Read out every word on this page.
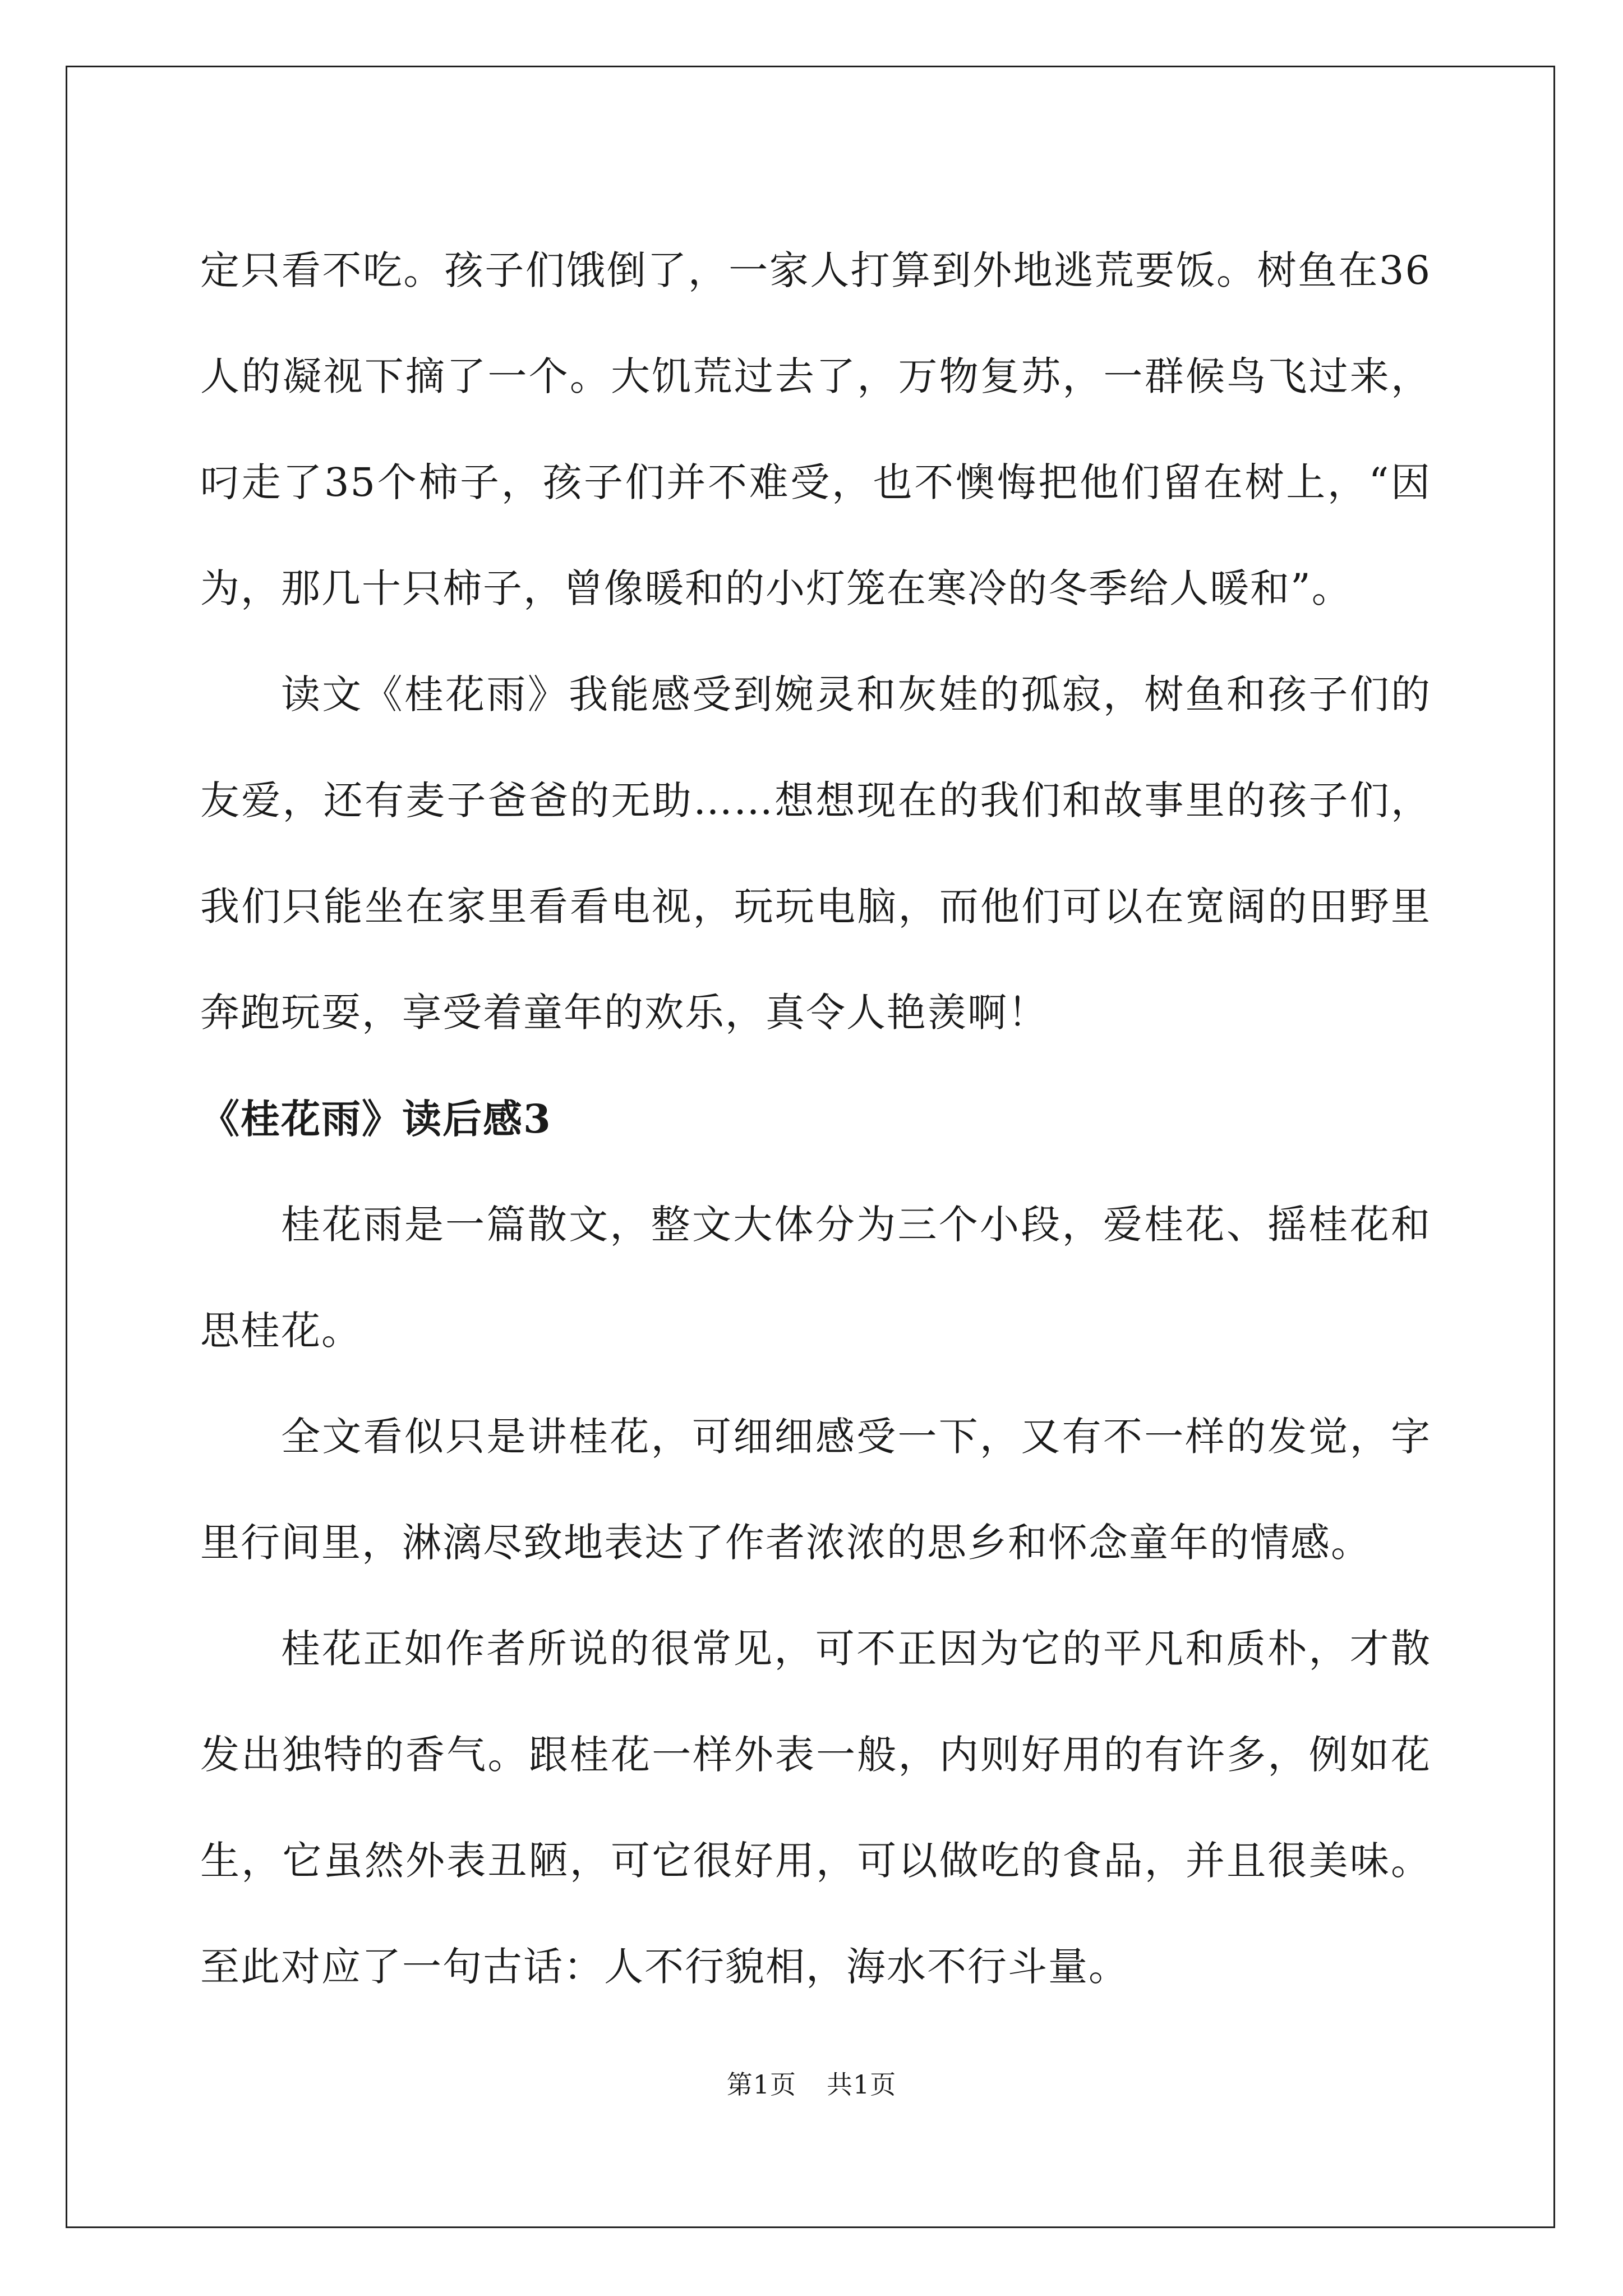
定只看不吃。孩子们饿倒了，一家人打算到外地逃荒要饭。树鱼在36人的凝视下摘了一个。大饥荒过去了，万物复苏，一群候鸟飞过来，叼走了35个柿子，孩子们并不难受，也不懊悔把他们留在树上，“因为，那几十只柿子，曾像暖和的小灯笼在寒冷的冬季给人暖和”。

读文《桂花雨》我能感受到婉灵和灰娃的孤寂，树鱼和孩子们的友爱，还有麦子爸爸的无助……想想现在的我们和故事里的孩子们，我们只能坐在家里看看电视，玩玩电脑，而他们可以在宽阔的田野里奔跑玩耍，享受着童年的欢乐，真令人艳羡啊！

《桂花雨》读后感3

桂花雨是一篇散文，整文大体分为三个小段，爱桂花、摇桂花和思桂花。

全文看似只是讲桂花，可细细感受一下，又有不一样的发觉，字里行间里，淋漓尽致地表达了作者浓浓的思乡和怀念童年的情感。

桂花正如作者所说的很常见，可不正因为它的平凡和质朴，才散发出独特的香气。跟桂花一样外表一般，内则好用的有许多，例如花生，它虽然外表丑陋，可它很好用，可以做吃的食品，并且很美味。至此对应了一句古话：人不行貌相，海水不行斗量。

第1页 共1页
